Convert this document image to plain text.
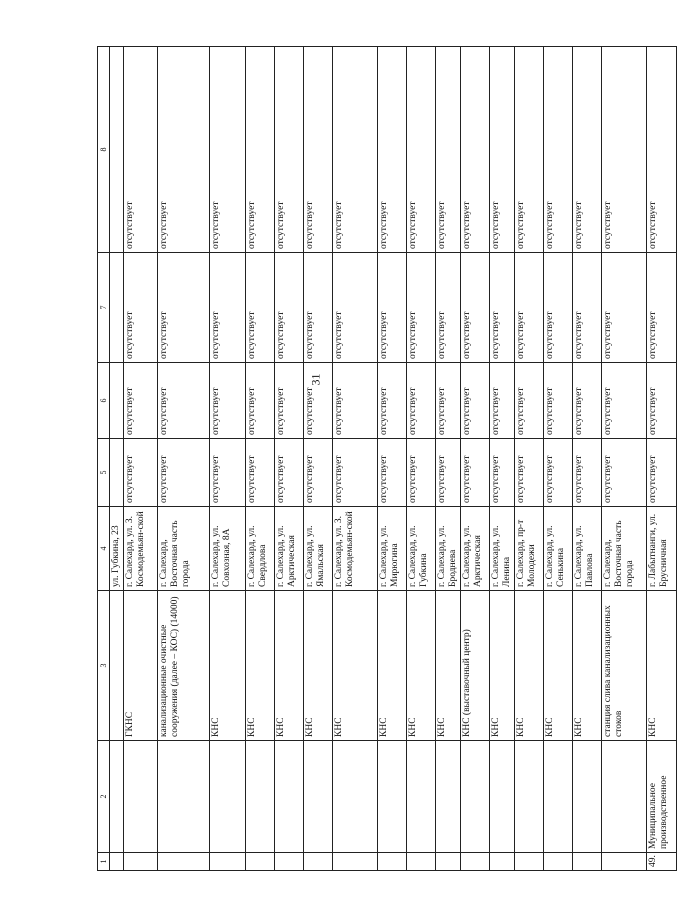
31
1	2	3	4	5	6	7	8
			ул. Губкина, 23				
		ГКНС	г. Салехард, ул. З. Космодемьян-ской	отсутствует	отсутствует	отсутствует	отсутствует
		канализационные очистные сооружения (далее – КОС) (14000)	г. Салехард, Восточная часть города	отсутствует	отсутствует	отсутствует	отсутствует
		КНС	г. Салехард, ул. Совхозная, 8А	отсутствует	отсутствует	отсутствует	отсутствует
		КНС	г. Салехард, ул. Свердлова	отсутствует	отсутствует	отсутствует	отсутствует
		КНС	г. Салехард, ул. Арктическая	отсутствует	отсутствует	отсутствует	отсутствует
		КНС	г. Салехард, ул. Ямальская	отсутствует	отсутствует	отсутствует	отсутствует
		КНС	г. Салехард, ул. З. Космодемьян-ской	отсутствует	отсутствует	отсутствует	отсутствует
		КНС	г. Салехард, ул. Мирюгина	отсутствует	отсутствует	отсутствует	отсутствует
		КНС	г. Салехард, ул. Губкина	отсутствует	отсутствует	отсутствует	отсутствует
		КНС	г. Салехард, ул. Броднева	отсутствует	отсутствует	отсутствует	отсутствует
		КНС (выставочный центр)	г. Салехард, ул. Арктическая	отсутствует	отсутствует	отсутствует	отсутствует
		КНС	г. Салехард, ул. Ленина	отсутствует	отсутствует	отсутствует	отсутствует
		КНС	г. Салехард, пр-т Молодежи	отсутствует	отсутствует	отсутствует	отсутствует
		КНС	г. Салехард, ул. Сенькина	отсутствует	отсутствует	отсутствует	отсутствует
		КНС	г. Салехард, ул. Павлова	отсутствует	отсутствует	отсутствует	отсутствует
		станция слива канализационных стоков	г. Салехард, Восточная часть города	отсутствует	отсутствует	отсутствует	отсутствует
49.	Муниципальное производственное	КНС	г. Лабытнанги, ул. Брусничная	отсутствует	отсутствует	отсутствует	отсутствует
